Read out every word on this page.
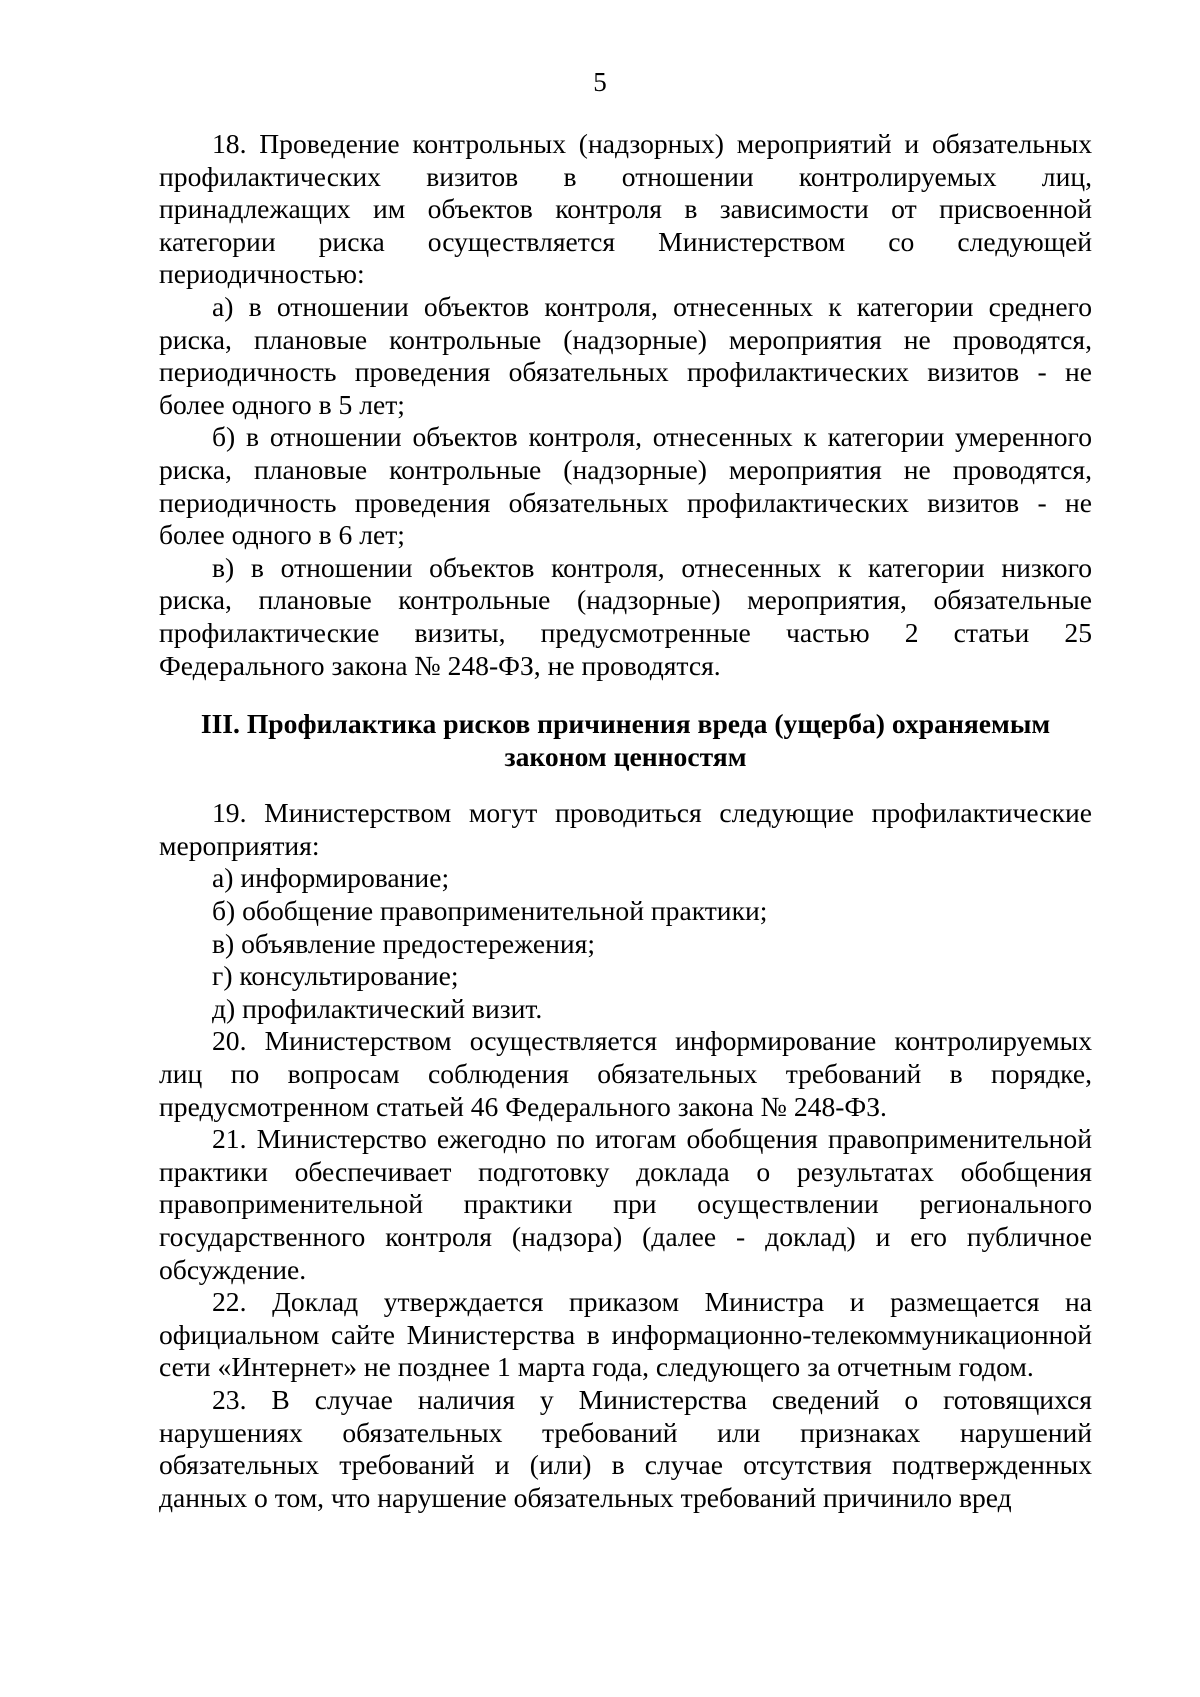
5

18. Проведение контрольных (надзорных) мероприятий и обязательных профилактических визитов в отношении контролируемых лиц, принадлежащих им объектов контроля в зависимости от присвоенной категории риска осуществляется Министерством со следующей периодичностью:

а) в отношении объектов контроля, отнесенных к категории среднего риска, плановые контрольные (надзорные) мероприятия не проводятся, периодичность проведения обязательных профилактических визитов - не более одного в 5 лет;

б) в отношении объектов контроля, отнесенных к категории умеренного риска, плановые контрольные (надзорные) мероприятия не проводятся, периодичность проведения обязательных профилактических визитов - не более одного в 6 лет;

в) в отношении объектов контроля, отнесенных к категории низкого риска, плановые контрольные (надзорные) мероприятия, обязательные профилактические визиты, предусмотренные частью 2 статьи 25 Федерального закона № 248-ФЗ, не проводятся.

III. Профилактика рисков причинения вреда (ущерба) охраняемым
законом ценностям

19. Министерством могут проводиться следующие профилактические мероприятия:

а) информирование;

б) обобщение правоприменительной практики;

в) объявление предостережения;

г) консультирование;

д) профилактический визит.

20. Министерством осуществляется информирование контролируемых лиц по вопросам соблюдения обязательных требований в порядке, предусмотренном статьей 46 Федерального закона № 248-ФЗ.

21. Министерство ежегодно по итогам обобщения правоприменительной практики обеспечивает подготовку доклада о результатах обобщения правоприменительной практики при осуществлении регионального государственного контроля (надзора) (далее - доклад) и его публичное обсуждение.

22. Доклад утверждается приказом Министра и размещается на официальном сайте Министерства в информационно-телекоммуникационной сети «Интернет» не позднее 1 марта года, следующего за отчетным годом.

23. В случае наличия у Министерства сведений о готовящихся нарушениях обязательных требований или признаках нарушений обязательных требований и (или) в случае отсутствия подтвержденных данных о том, что нарушение обязательных требований причинило вред
